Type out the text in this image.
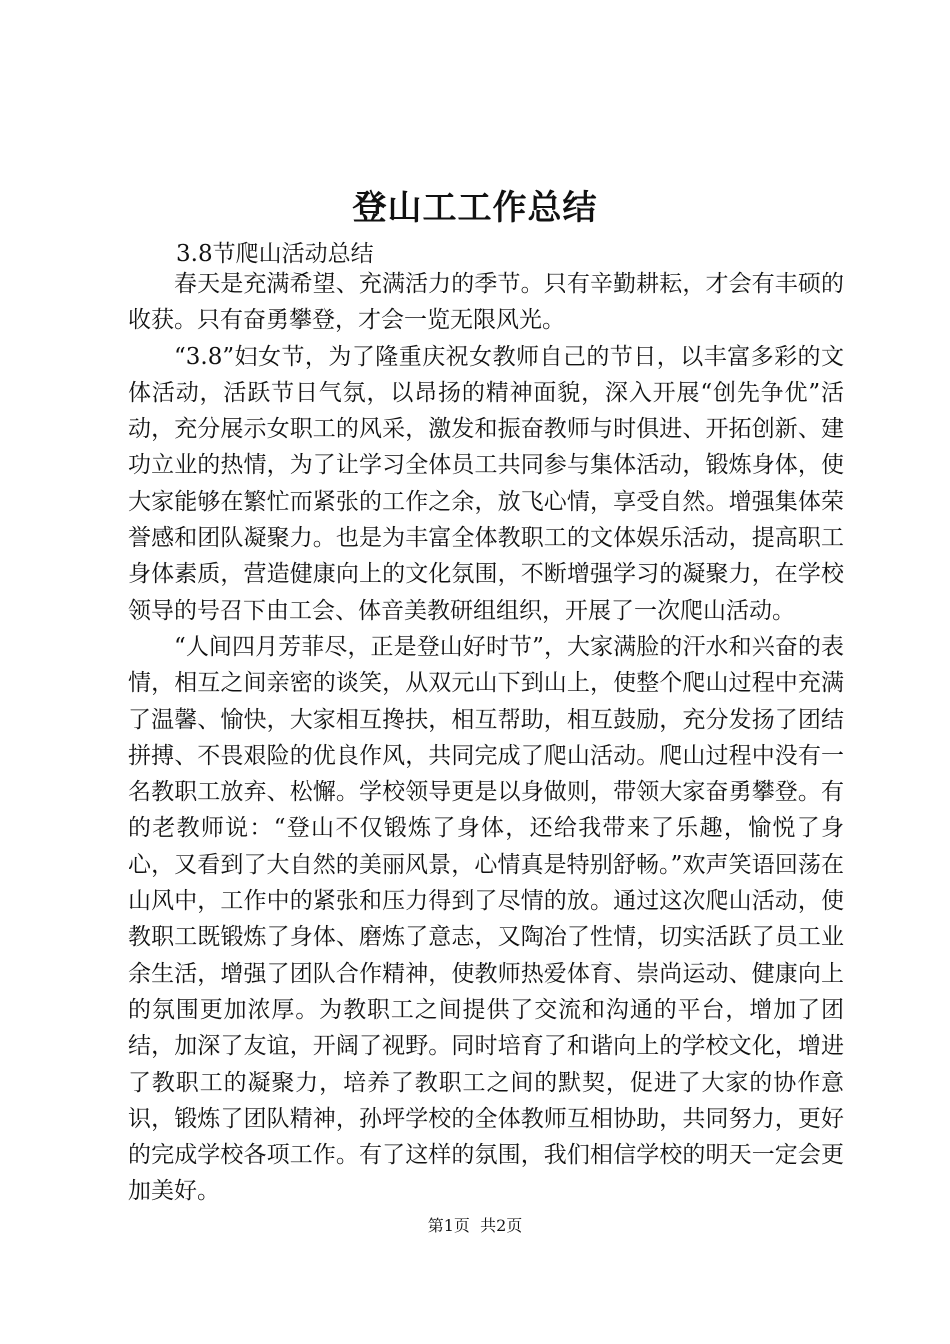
登山工工作总结
3.8节爬山活动总结

春天是充满希望、充满活力的季节。只有辛勤耕耘，才会有丰硕的收获。只有奋勇攀登，才会一览无限风光。

“3.8”妇女节，为了隆重庆祝女教师自己的节日，以丰富多彩的文体活动，活跃节日气氛，以昂扬的精神面貌，深入开展“创先争优”活动，充分展示女职工的风采，激发和振奋教师与时俱进、开拓创新、建功立业的热情，为了让学习全体员工共同参与集体活动，锻炼身体，使大家能够在繁忙而紧张的工作之余，放飞心情，享受自然。增强集体荣誉感和团队凝聚力。也是为丰富全体教职工的文体娱乐活动，提高职工身体素质，营造健康向上的文化氛围，不断增强学习的凝聚力，在学校领导的号召下由工会、体音美教研组组织，开展了一次爬山活动。

“人间四月芳菲尽，正是登山好时节”，大家满脸的汗水和兴奋的表情，相互之间亲密的谈笑，从双元山下到山上，使整个爬山过程中充满了温馨、愉快，大家相互搀扶，相互帮助，相互鼓励，充分发扬了团结拼搏、不畏艰险的优良作风，共同完成了爬山活动。爬山过程中没有一名教职工放弃、松懈。学校领导更是以身做则，带领大家奋勇攀登。有的老教师说：“登山不仅锻炼了身体，还给我带来了乐趣，愉悦了身心，又看到了大自然的美丽风景，心情真是特别舒畅。”欢声笑语回荡在山风中，工作中的紧张和压力得到了尽情的放。通过这次爬山活动，使教职工既锻炼了身体、磨炼了意志，又陶冶了性情，切实活跃了员工业余生活，增强了团队合作精神，使教师热爱体育、崇尚运动、健康向上的氛围更加浓厚。为教职工之间提供了交流和沟通的平台，增加了团结，加深了友谊，开阔了视野。同时培育了和谐向上的学校文化，增进了教职工的凝聚力，培养了教职工之间的默契，促进了大家的协作意识，锻炼了团队精神，孙坪学校的全体教师互相协助，共同努力，更好的完成学校各项工作。有了这样的氛围，我们相信学校的明天一定会更加美好。

第1页  共2页
